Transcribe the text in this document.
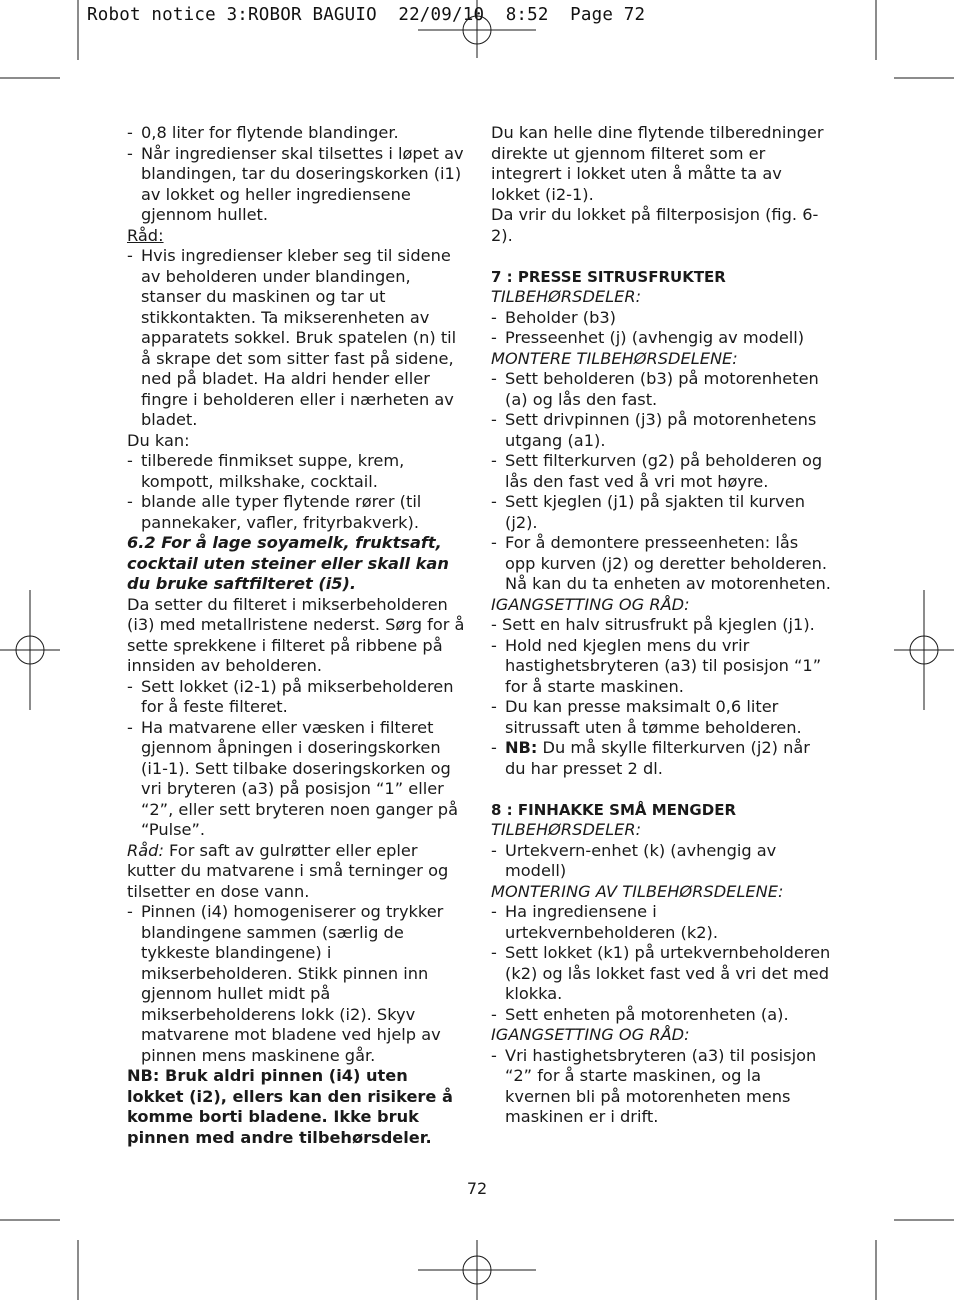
Robot notice 3:ROBOR BAGUIO  22/09/10  8:52  Page 72
- 0,8 liter for flytende blandinger.
- Når ingredienser skal tilsettes i løpet av blandingen, tar du doseringskorken (i1) av lokket og heller ingrediensene gjennom hullet.
Råd:
- Hvis ingredienser kleber seg til sidene av beholderen under blandingen, stanser du maskinen og tar ut stikkontakten. Ta mikserenheten av apparatets sokkel. Bruk spatelen (n) til å skrape det som sitter fast på sidene, ned på bladet. Ha aldri hender eller fingre i beholderen eller i nærheten av bladet.
Du kan:
- tilberede finmikset suppe, krem, kompott, milkshake, cocktail.
- blande alle typer flytende rører (til pannekaker, vafler, frityrbakverk).
6.2 For å lage soyamelk, fruktsaft, cocktail uten steiner eller skall kan du bruke saftfilteret (i5).
Da setter du filteret i mikserbeholderen (i3) med metallristene nederst. Sørg for å sette sprekkene i filteret på ribbene på innsiden av beholderen.
- Sett lokket (i2-1) på mikserbeholderen for å feste filteret.
- Ha matvarene eller væsken i filteret gjennom åpningen i doseringskorken (i1-1). Sett tilbake doseringskorken og vri bryteren (a3) på posisjon “1” eller “2”, eller sett bryteren noen ganger på “Pulse”.
Råd: For saft av gulrøtter eller epler kutter du matvarene i små terninger og tilsetter en dose vann.
- Pinnen (i4) homogeniserer og trykker blandingene sammen (særlig de tykkeste blandingene) i mikserbeholderen. Stikk pinnen inn gjennom hullet midt på mikserbeholderens lokk (i2). Skyv matvarene mot bladene ved hjelp av pinnen mens maskinene går.
NB: Bruk aldri pinnen (i4) uten lokket (i2), ellers kan den risikere å komme borti bladene. Ikke bruk pinnen med andre tilbehørsdeler.
Du kan helle dine flytende tilberedninger direkte ut gjennom filteret som er integrert i lokket uten å måtte ta av lokket (i2-1).
Da vrir du lokket på filterposisjon (fig. 6-2).
7 : PRESSE SITRUSFRUKTER
TILBEHØRSDELER:
- Beholder (b3)
- Presseenhet (j) (avhengig av modell)
MONTERE TILBEHØRSDELENE:
- Sett beholderen (b3) på motorenheten (a) og lås den fast.
- Sett drivpinnen (j3) på motorenhetens utgang (a1).
- Sett filterkurven (g2) på beholderen og lås den fast ved å vri mot høyre.
- Sett kjeglen (j1) på sjakten til kurven (j2).
- For å demontere presseenheten: lås opp kurven (j2) og deretter beholderen. Nå kan du ta enheten av motorenheten.
IGANGSETTING OG RÅD:
- Sett en halv sitrusfrukt på kjeglen (j1).
- Hold ned kjeglen mens du vrir hastighetsbryteren (a3) til posisjon “1” for å starte maskinen.
- Du kan presse maksimalt 0,6 liter sitrussaft uten å tømme beholderen.
- NB: Du må skylle filterkurven (j2) når du har presset 2 dl.
8 : FINHAKKE SMÅ MENGDER
TILBEHØRSDELER:
- Urtekvern-enhet (k) (avhengig av modell)
MONTERING AV TILBEHØRSDELENE:
- Ha ingrediensene i urtekvernbeholderen (k2).
- Sett lokket (k1) på urtekvernbeholderen (k2) og lås lokket fast ved å vri det med klokka.
- Sett enheten på motorenheten (a).
IGANGSETTING OG RÅD:
- Vri hastighetsbryteren (a3) til posisjon “2” for å starte maskinen, og la kvernen bli på motorenheten mens maskinen er i drift.
72
